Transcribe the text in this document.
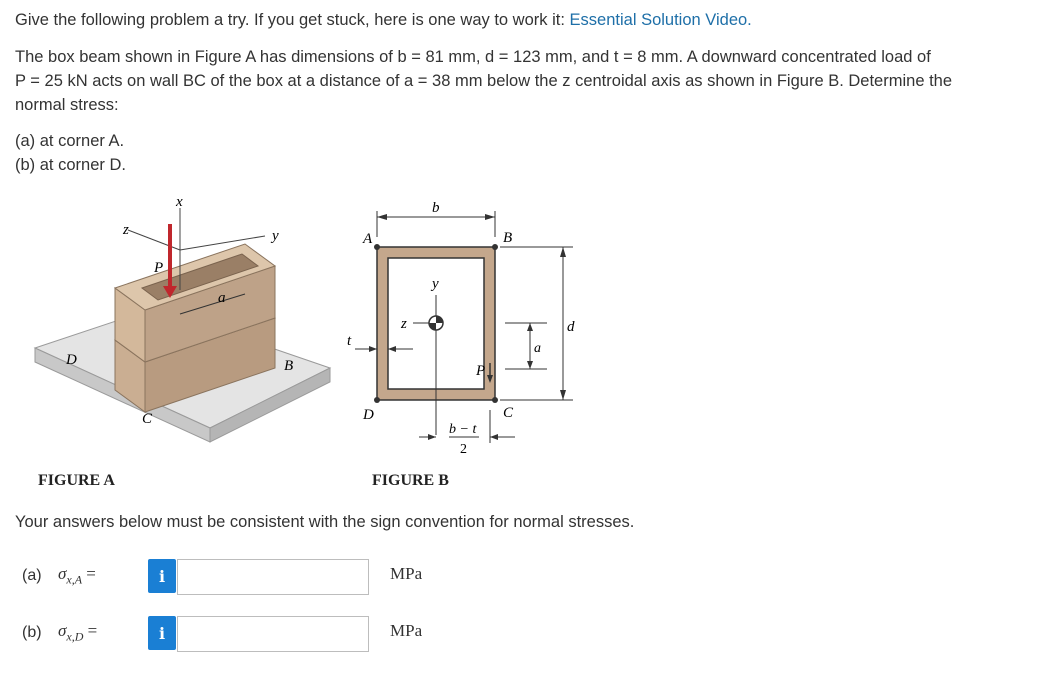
Give the following problem a try. If you get stuck, here is one way to work it: Essential Solution Video.
The box beam shown in Figure A has dimensions of b = 81 mm, d = 123 mm, and t = 8 mm. A downward concentrated load of
P = 25 kN acts on wall BC of the box at a distance of a = 38 mm below the z centroidal axis as shown in Figure B. Determine the
normal stress:
(a) at corner A.
(b) at corner D.
x
y
z
P
a
B
C
D
FIGURE A
b
A	B
y
z
t
d
a
P
C
D
b − t
2
FIGURE B
Your answers below must be consistent with the sign convention for normal stresses.
(a) $\sigma_{x,A}$ =	i	MPa
(b) $\sigma_{x,D}$ =	i	MPa
